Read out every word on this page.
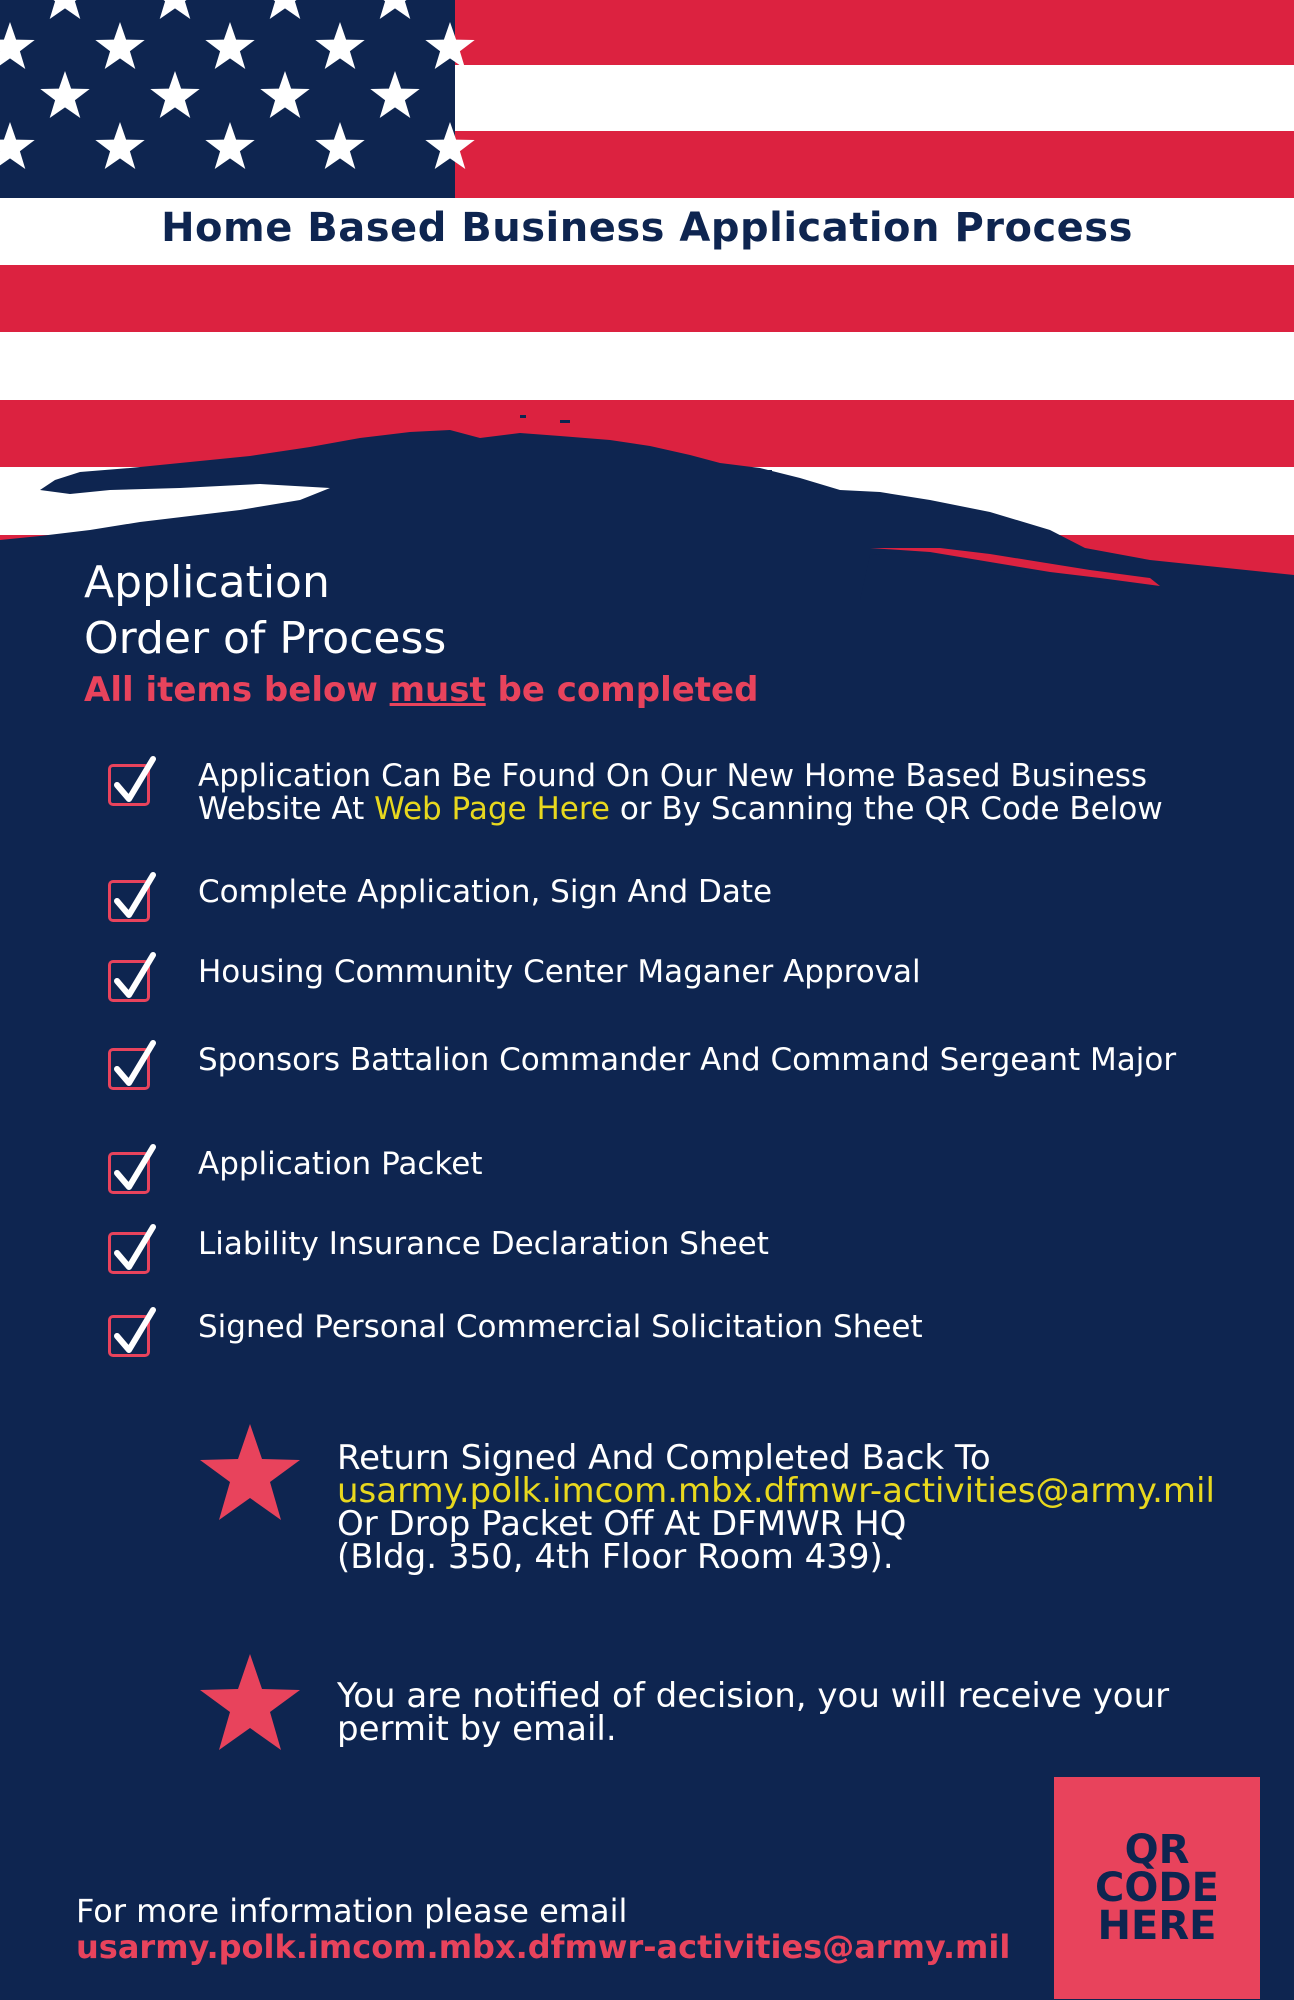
Home Based Business Application Process
Application
Order of Process
All items below must be completed
Application Can Be Found On Our New Home Based Business Website At Web Page Here or By Scanning the QR Code Below
Complete Application, Sign And Date
Housing Community Center Maganer Approval
Sponsors Battalion Commander And Command Sergeant Major
Application Packet
Liability Insurance Declaration Sheet
Signed Personal Commercial Solicitation Sheet
Return Signed And Completed Back To
usarmy.polk.imcom.mbx.dfmwr-activities@army.mil
Or Drop Packet Off At DFMWR HQ
(Bldg. 350, 4th Floor Room 439).
You are notified of decision, you will receive your
permit by email.
For more information please email
usarmy.polk.imcom.mbx.dfmwr-activities@army.mil
QR
CODE
HERE
